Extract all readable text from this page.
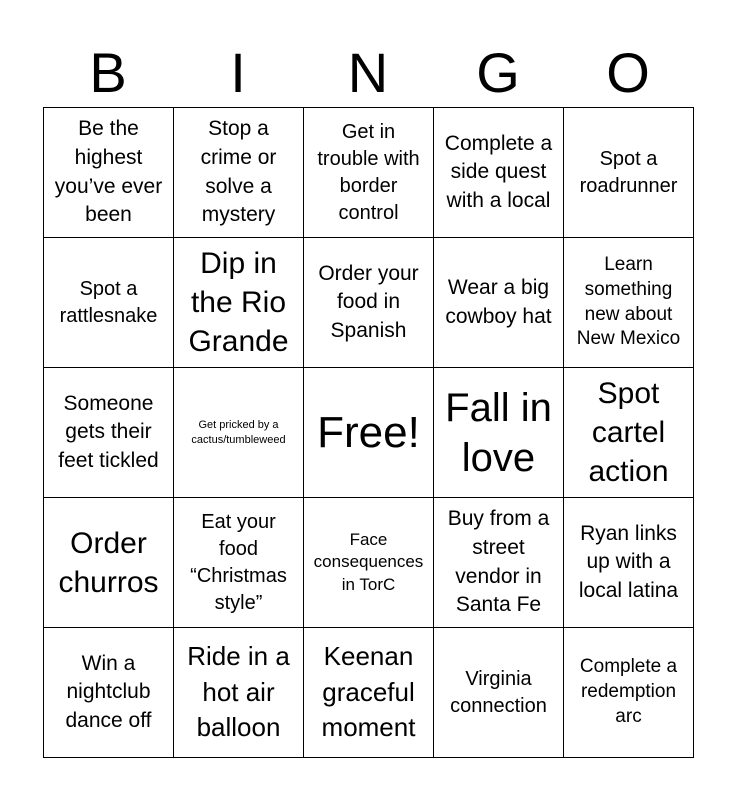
B	I	N	G	O
Be the highest you’ve ever been
Stop a crime or solve a mystery
Get in trouble with border control
Complete a side quest with a local
Spot a roadrunner
Spot a rattlesnake
Dip in the Rio Grande
Order your food in Spanish
Wear a big cowboy hat
Learn something new about New Mexico
Someone gets their feet tickled
Get pricked by a cactus/tumbleweed Free! Fall in love
Spot cartel action
Order churros
Eat your food “Christmas style”
Face consequences in TorC
Buy from a street vendor in Santa Fe
Ryan links up with a local latina
Win a nightclub dance off
Ride in a hot air balloon
Keenan graceful moment
Virginia connection
Complete a redemption arc
